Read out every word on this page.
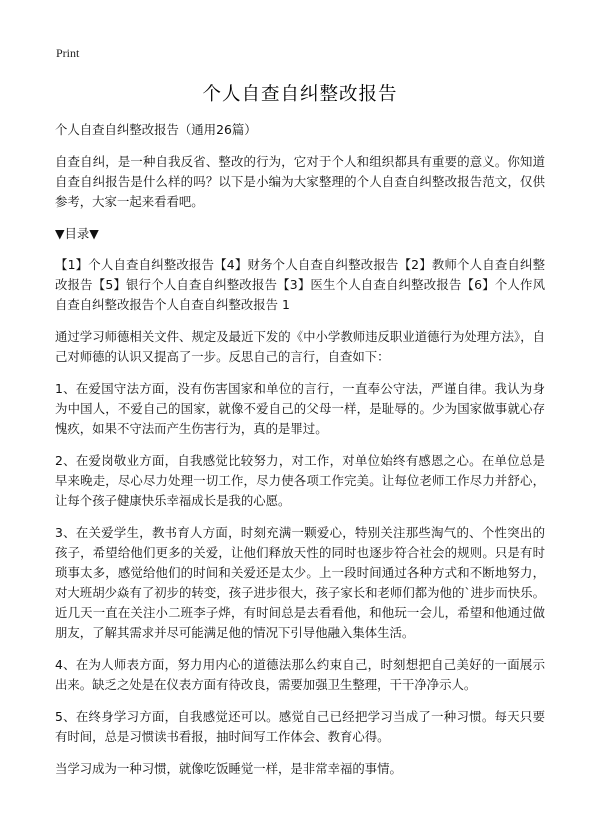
Print
个人自查自纠整改报告

个人自查自纠整改报告（通用26篇）

自查自纠，是一种自我反省、整改的行为，它对于个人和组织都具有重要的意义。你知道自查自纠报告是什么样的吗？以下是小编为大家整理的个人自查自纠整改报告范文，仅供参考，大家一起来看看吧。

▼目录▼

【1】个人自查自纠整改报告【4】财务个人自查自纠整改报告【2】教师个人自查自纠整改报告【5】银行个人自查自纠整改报告【3】医生个人自查自纠整改报告【6】个人作风自查自纠整改报告个人自查自纠整改报告 1

通过学习师德相关文件、规定及最近下发的《中小学教师违反职业道德行为处理方法》，自己对师德的认识又提高了一步。反思自己的言行，自查如下：

1、在爱国守法方面，没有伤害国家和单位的言行，一直奉公守法，严谨自律。我认为身为中国人，不爱自己的国家，就像不爱自己的父母一样，是耻辱的。少为国家做事就心存愧疚，如果不守法而产生伤害行为，真的是罪过。

2、在爱岗敬业方面，自我感觉比较努力，对工作，对单位始终有感恩之心。在单位总是早来晚走，尽心尽力处理一切工作，尽力使各项工作完美。让每位老师工作尽力并舒心，让每个孩子健康快乐幸福成长是我的心愿。

3、在关爱学生，教书育人方面，时刻充满一颗爱心，特别关注那些淘气的、个性突出的孩子，希望给他们更多的关爱，让他们释放天性的同时也逐步符合社会的规则。只是有时琐事太多，感觉给他们的时间和关爱还是太少。上一段时间通过各种方式和不断地努力，对大班胡少焱有了初步的转变，孩子进步很大，孩子家长和老师们都为他的`进步而快乐。近几天一直在关注小二班李子烨，有时间总是去看看他，和他玩一会儿，希望和他通过做朋友，了解其需求并尽可能满足他的情况下引导他融入集体生活。

4、在为人师表方面，努力用内心的道德法那么约束自己，时刻想把自己美好的一面展示出来。缺乏之处是在仪表方面有待改良，需要加强卫生整理，干干净净示人。

5、在终身学习方面，自我感觉还可以。感觉自己已经把学习当成了一种习惯。每天只要有时间，总是习惯读书看报，抽时间写工作体会、教育心得。

当学习成为一种习惯，就像吃饭睡觉一样，是非常幸福的事情。
